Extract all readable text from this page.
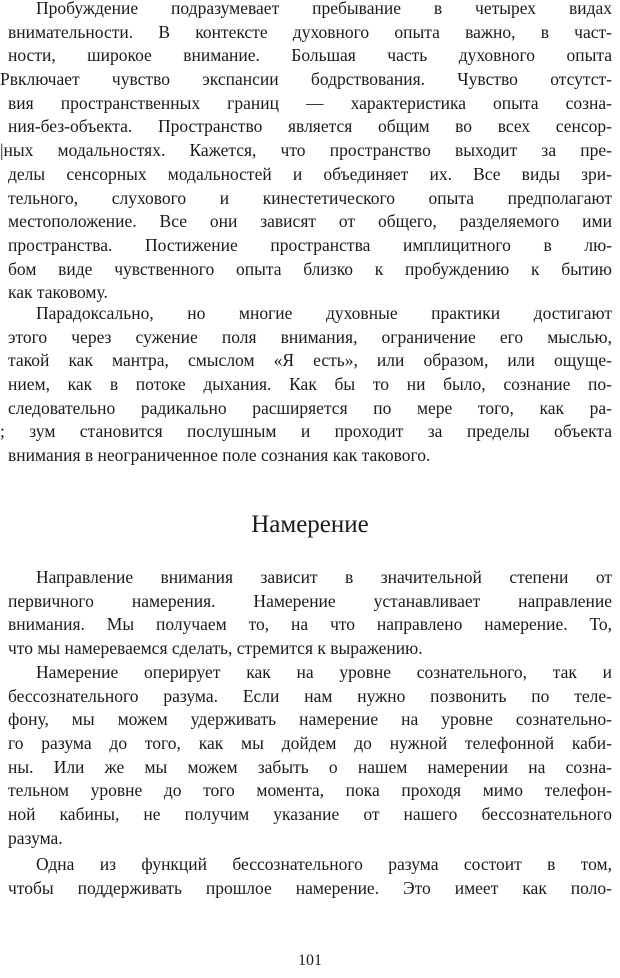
Пробуждение подразумевает пребывание в четырех видах
внимательности. В контексте духовного опыта важно, в част-
ности, широкое внимание. Большая часть духовного опыта
Рвключает чувство экспансии бодрствования. Чувство отсутст-
вия пространственных границ — характеристика опыта созна-
ния-без-объекта. Пространство является общим во всех сенсор-
|ных модальностях. Кажется, что пространство выходит за пре-
делы сенсорных модальностей и объединяет их. Все виды зри-
тельного, слухового и кинестетического опыта предполагают
местоположение. Все они зависят от общего, разделяемого ими
пространства. Постижение пространства имплицитного в лю-
бом виде чувственного опыта близко к пробуждению к бытию
как таковому.
Парадоксально, но многие духовные практики достигают
этого через сужение поля внимания, ограничение его мыслью,
такой как мантра, смыслом «Я есть», или образом, или ощуще-
нием, как в потоке дыхания. Как бы то ни было, сознание по-
следовательно радикально расширяется по мере того, как ра-
; зум становится послушным и проходит за пределы объекта
внимания в неограниченное поле сознания как такового.
Намерение
Направление внимания зависит в значительной степени от
первичного намерения. Намерение устанавливает направление
внимания. Мы получаем то, на что направлено намерение. То,
что мы намереваемся сделать, стремится к выражению.
Намерение оперирует как на уровне сознательного, так и
бессознательного разума. Если нам нужно позвонить по теле-
фону, мы можем удерживать намерение на уровне сознательно-
го разума до того, как мы дойдем до нужной телефонной каби-
ны. Или же мы можем забыть о нашем намерении на созна-
тельном уровне до того момента, пока проходя мимо телефон-
ной кабины, не получим указание от нашего бессознательного
разума.
Одна из функций бессознательного разума состоит в том,
чтобы поддерживать прошлое намерение. Это имеет как поло-
101
